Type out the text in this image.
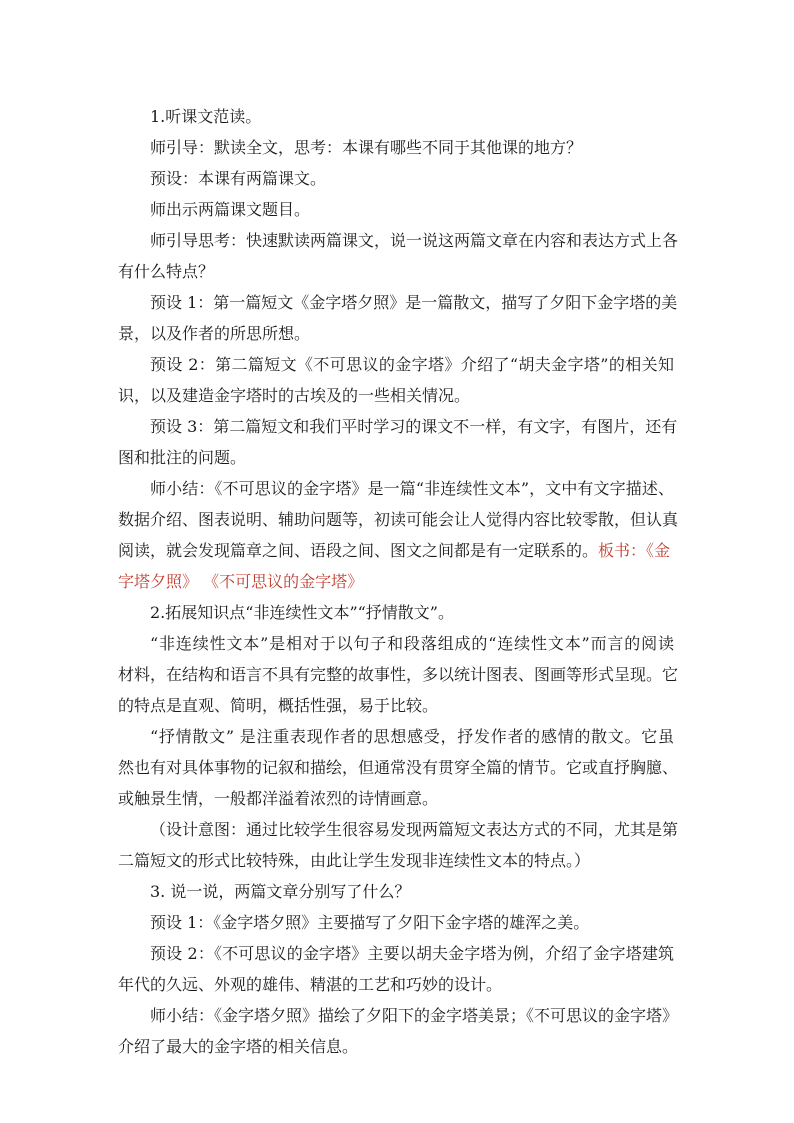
1.听课文范读。
师引导：默读全文，思考：本课有哪些不同于其他课的地方？
预设：本课有两篇课文。
师出示两篇课文题目。
师引导思考：快速默读两篇课文，说一说这两篇文章在内容和表达方式上各
有什么特点？
预设 1：第一篇短文《金字塔夕照》是一篇散文，描写了夕阳下金字塔的美
景，以及作者的所思所想。
预设 2：第二篇短文《不可思议的金字塔》介绍了“胡夫金字塔”的相关知
识，以及建造金字塔时的古埃及的一些相关情况。
预设 3：第二篇短文和我们平时学习的课文不一样，有文字，有图片，还有
图和批注的问题。
师小结：《不可思议的金字塔》是一篇“非连续性文本”，文中有文字描述、
数据介绍、图表说明、辅助问题等，初读可能会让人觉得内容比较零散，但认真
阅读，就会发现篇章之间、语段之间、图文之间都是有一定联系的。板书：《金
字塔夕照》 《不可思议的金字塔》
2.拓展知识点“非连续性文本”“抒情散文”。
“非连续性文本”是相对于以句子和段落组成的“连续性文本”而言的阅读
材料，在结构和语言不具有完整的故事性，多以统计图表、图画等形式呈现。它
的特点是直观、简明，概括性强，易于比较。
“抒情散文” 是注重表现作者的思想感受，抒发作者的感情的散文。它虽
然也有对具体事物的记叙和描绘，但通常没有贯穿全篇的情节。它或直抒胸臆、
或触景生情，一般都洋溢着浓烈的诗情画意。
（设计意图：通过比较学生很容易发现两篇短文表达方式的不同，尤其是第
二篇短文的形式比较特殊，由此让学生发现非连续性文本的特点。）
3. 说一说，两篇文章分别写了什么？
预设 1：《金字塔夕照》主要描写了夕阳下金字塔的雄浑之美。
预设 2：《不可思议的金字塔》主要以胡夫金字塔为例，介绍了金字塔建筑
年代的久远、外观的雄伟、精湛的工艺和巧妙的设计。
师小结：《金字塔夕照》描绘了夕阳下的金字塔美景；《不可思议的金字塔》
介绍了最大的金字塔的相关信息。
